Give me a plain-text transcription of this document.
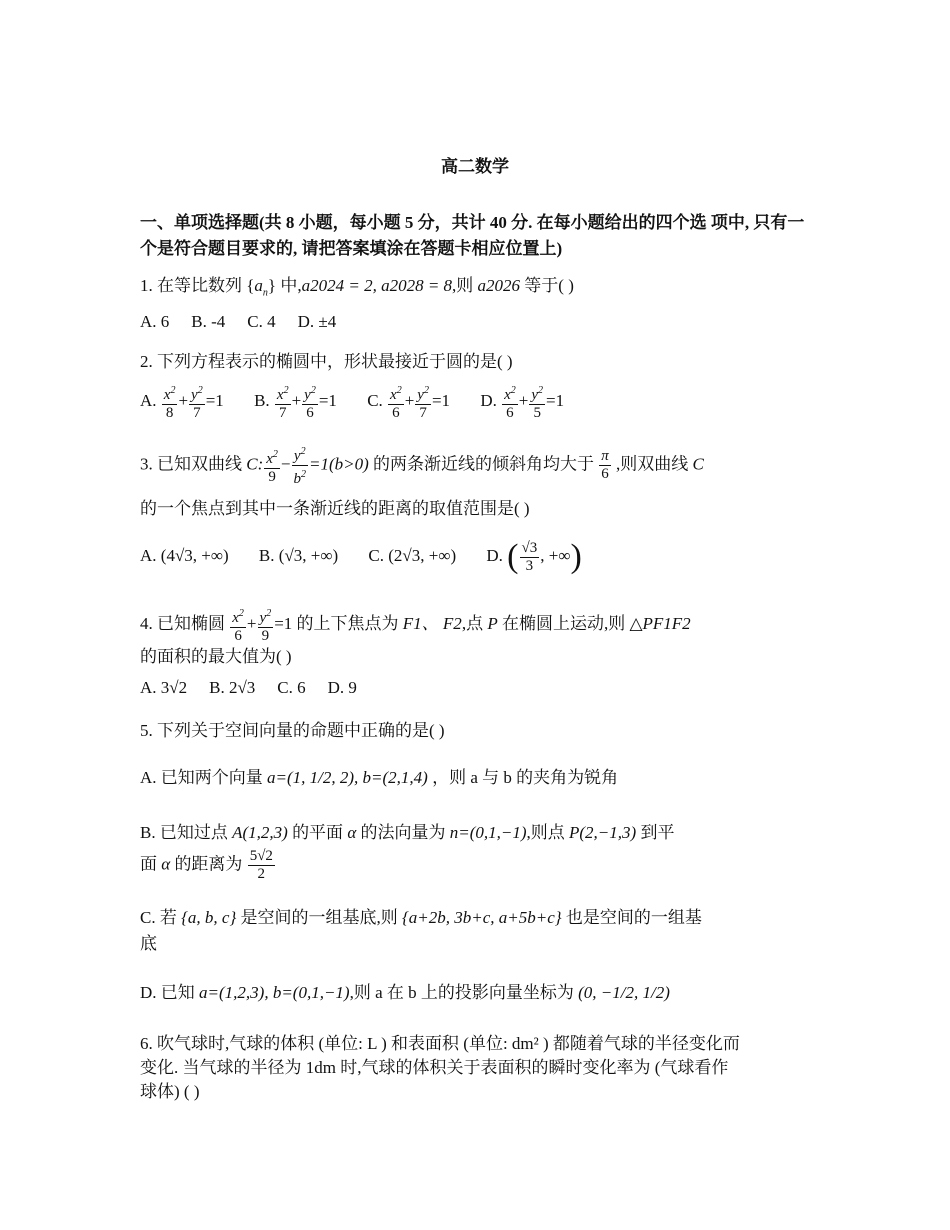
高二数学
一、单项选择题(共 8 小题，每小题 5 分，共计 40 分. 在每小题给出的四个选 项中, 只有一个是符合题目要求的, 请把答案填涂在答题卡相应位置上)
1. 在等比数列 $\{a_n\}$ 中,a2024 = 2, a2028 = 8,则 a2026 等于( )
A. 6 B. -4 C. 4 D. ±4
2. 下列方程表示的椭圆中，形状最接近于圆的是( )
A. $\frac{x^2}{8} + \frac{y^2}{7} =1$ B. $\frac{x^2}{7} + \frac{y^2}{6} =1$ C. $\frac{x^2}{6} + \frac{y^2}{7} =1$ D. $\frac{x^2}{6} + \frac{y^2}{5} =1$
3. 已知双曲线 C: $\frac{x^2}{9} - \frac{y^2}{b^2} =1(b>0)$ 的两条渐近线的倾斜角均大于 $\frac{\pi}{6}$ ,则双曲线 C
的一个焦点到其中一条渐近线的距离的取值范围是( )
A. (4√3, +∞) B. (√3, +∞) C. (2√3, +∞) D. ( $\frac{√3}{3}$ , +∞)
4. 已知椭圆 $\frac{x^2}{6} + \frac{y^2}{9} =1$ 的上下焦点为 F1、 F2,点 P 在椭圆上运动,则 △PF1F2
的面积的最大值为( )
A. 3√2 B. 2√3 C. 6 D. 9
5. 下列关于空间向量的命题中正确的是( )
A. 已知两个向量 a=(1, 1/2, 2), b=(2,1,4) ，则 a 与 b 的夹角为锐角
B. 已知过点 A(1,2,3) 的平面 α 的法向量为 n=(0,1,−1),则点 P(2,−1,3) 到平
面 α 的距离为 $\frac{5√2}{2}$
C. 若 {a, b, c} 是空间的一组基底,则 {a+2b, 3b+c, a+5b+c} 也是空间的一组基
底
D. 已知 a=(1,2,3), b=(0,1,−1),则 a 在 b 上的投影向量坐标为 (0, −1/2, 1/2)
6. 吹气球时,气球的体积 (单位: L ) 和表面积 (单位: dm² ) 都随着气球的半径变化而
变化. 当气球的半径为 1dm 时,气球的体积关于表面积的瞬时变化率为 (气球看作
球体) ( )
